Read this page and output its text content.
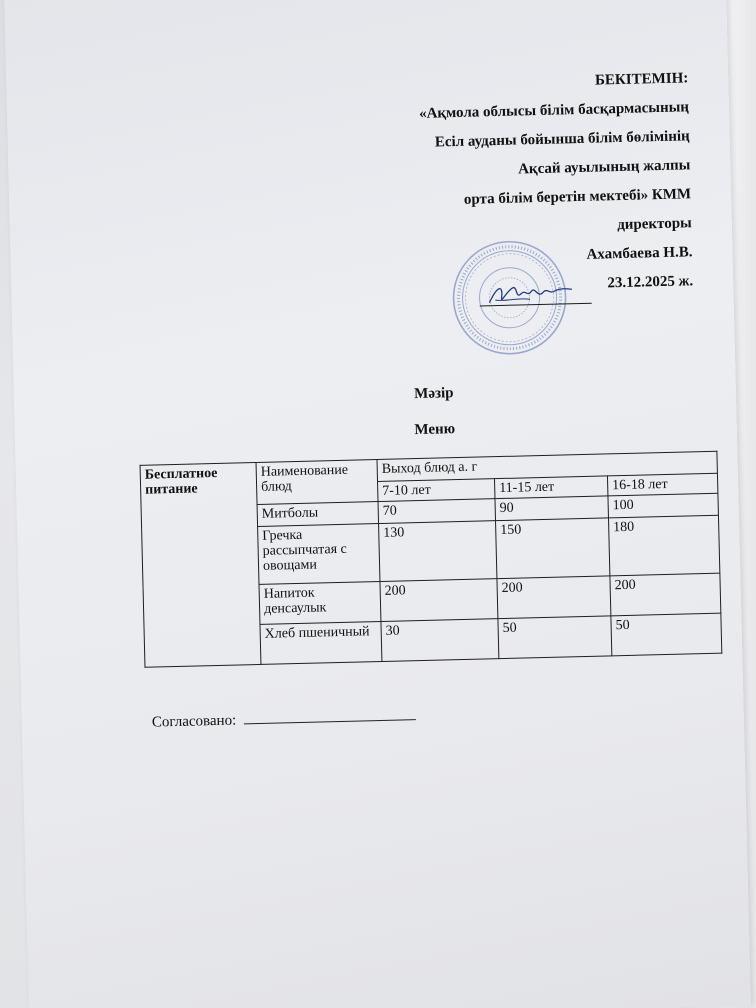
БЕКІТЕМІН:
«Ақмола облысы білім басқармасының
Есіл ауданы бойынша білім бөлімінің
Ақсай ауылының жалпы
орта білім беретін мектебі» КММ
директоры
Ахамбаева Н.В.
23.12.2025 ж.
Мәзір
Меню
Бесплатное питание	Наименование блюд	Выход блюд а. г		
		7-10 лет	11-15 лет	16-18 лет
	Митболы	70	90	100
	Гречка рассыпчатая с овощами	130	150	180
	Напиток денсаулык	200	200	200
	Хлеб пшеничный	30	50	50
Согласовано:
